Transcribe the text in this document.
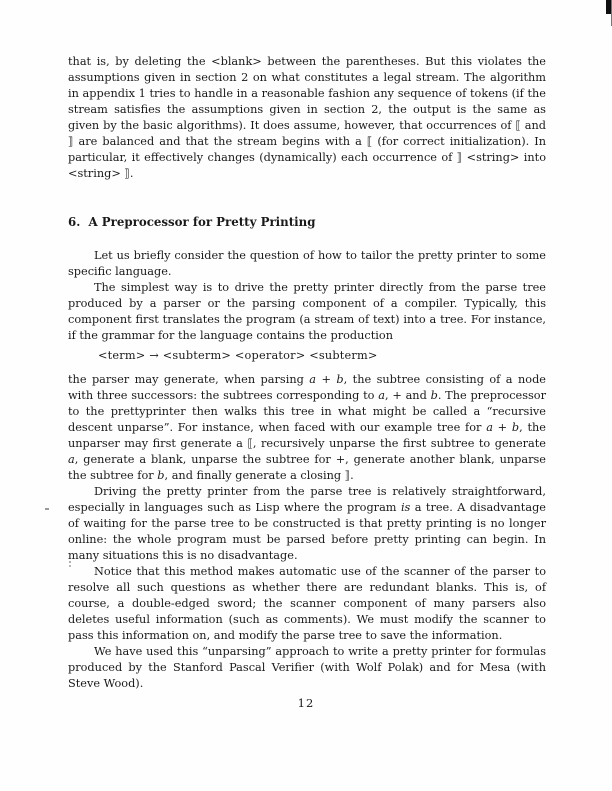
that is, by deleting the <blank> between the parentheses. But this violates the assumptions given in section 2 on what constitutes a legal stream. The algorithm in appendix 1 tries to handle in a reasonable fashion any sequence of tokens (if the stream satisfies the assumptions given in section 2, the output is the same as given by the basic algorithms). It does assume, however, that occurrences of ⟦ and ⟧ are balanced and that the stream begins with a ⟦ (for correct initialization). In particular, it effectively changes (dynamically) each occurrence of ⟧ <string> into <string> ⟧.

6.  A Preprocessor for Pretty Printing

Let us briefly consider the question of how to tailor the pretty printer to some specific language.

The simplest way is to drive the pretty printer directly from the parse tree produced by a parser or the parsing component of a compiler. Typically, this component first translates the program (a stream of text) into a tree. For instance, if the grammar for the language contains the production

<term> → <subterm> <operator> <subterm>

the parser may generate, when parsing a + b, the subtree consisting of a node with three successors: the subtrees corresponding to a, + and b. The preprocessor to the prettyprinter then walks this tree in what might be called a “recursive descent unparse”. For instance, when faced with our example tree for a + b, the unparser may first generate a ⟦, recursively unparse the first subtree to generate a, generate a blank, unparse the subtree for +, generate another blank, unparse the subtree for b, and finally generate a closing ⟧.

Driving the pretty printer from the parse tree is relatively straightforward, especially in languages such as Lisp where the program is a tree. A disadvantage of waiting for the parse tree to be constructed is that pretty printing is no longer online: the whole program must be parsed before pretty printing can begin. In many situations this is no disadvantage.

Notice that this method makes automatic use of the scanner of the parser to resolve all such questions as whether there are redundant blanks. This is, of course, a double-edged sword; the scanner component of many parsers also deletes useful information (such as comments). We must modify the scanner to pass this information on, and modify the parse tree to save the information.

We have used this “unparsing” approach to write a pretty printer for formulas produced by the Stanford Pascal Verifier (with Wolf Polak) and for Mesa (with Steve Wood).

12
